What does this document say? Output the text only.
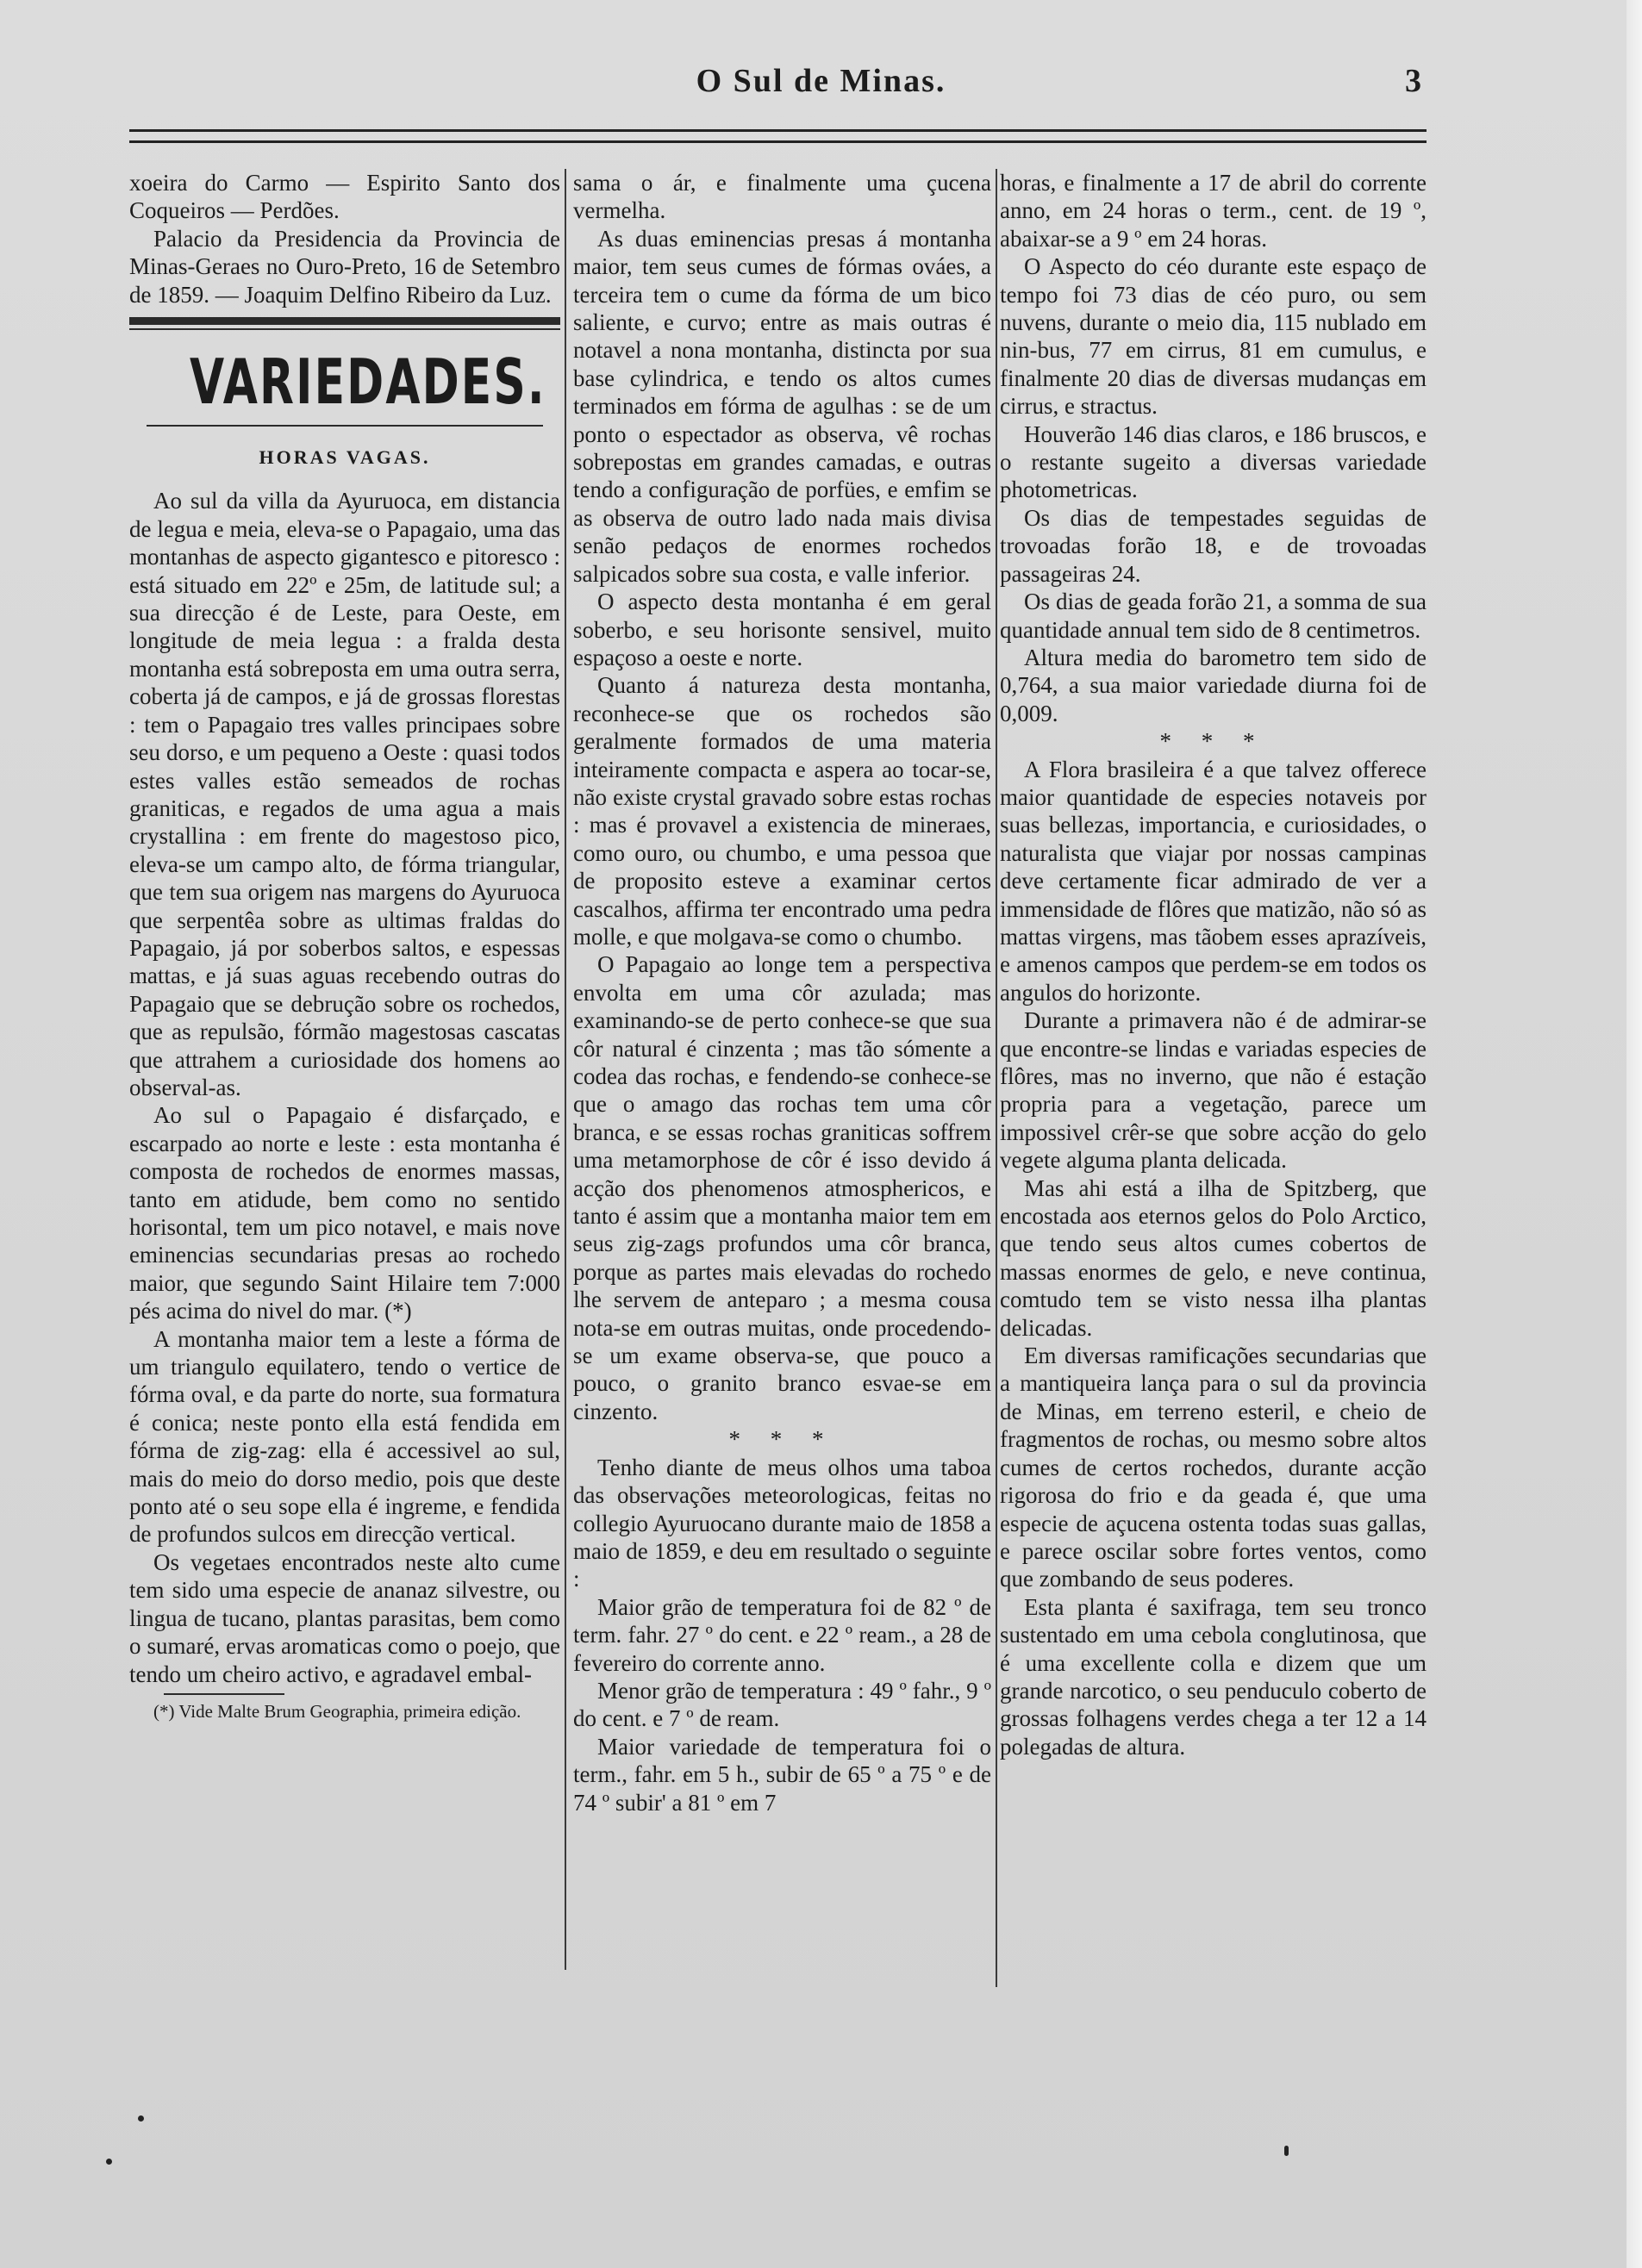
O Sul de Minas.	3

xoeira do Carmo — Espirito Santo dos Coqueiros — Perdões.

Palacio da Presidencia da Provincia de Minas-Geraes no Ouro-Preto, 16 de Setembro de 1859. — Joaquim Delfino Ribeiro da Luz.

VARIEDADES.
HORAS VAGAS.

Ao sul da villa da Ayuruoca, em distancia de legua e meia, eleva-se o Papagaio, uma das montanhas de aspecto gigantesco e pitoresco : está situado em 22º e 25m, de latitude sul; a sua direcção é de Leste, para Oeste, em longitude de meia legua : a fralda desta montanha está sobreposta em uma outra serra, coberta já de campos, e já de grossas florestas : tem o Papagaio tres valles principaes sobre seu dorso, e um pequeno a Oeste : quasi todos estes valles estão semeados de rochas graniticas, e regados de uma agua a mais crystallina : em frente do magestoso pico, eleva-se um campo alto, de fórma triangular, que tem sua origem nas margens do Ayuruoca que serpentêa sobre as ultimas fraldas do Papagaio, já por soberbos saltos, e espessas mattas, e já suas aguas recebendo outras do Papagaio que se debrução sobre os rochedos, que as repulsão, fórmão magestosas cascatas que attrahem a curiosidade dos homens ao observal-as.

Ao sul o Papagaio é disfarçado, e escarpado ao norte e leste : esta montanha é composta de rochedos de enormes massas, tanto em atidude, bem como no sentido horisontal, tem um pico notavel, e mais nove eminencias secundarias presas ao rochedo maior, que segundo Saint Hilaire tem 7:000 pés acima do nivel do mar. (*)

A montanha maior tem a leste a fórma de um triangulo equilatero, tendo o vertice de fórma oval, e da parte do norte, sua formatura é conica; neste ponto ella está fendida em fórma de zig-zag: ella é accessivel ao sul, mais do meio do dorso medio, pois que deste ponto até o seu sope ella é ingreme, e fendida de profundos sulcos em direcção vertical.

Os vegetaes encontrados neste alto cume tem sido uma especie de ananaz silvestre, ou lingua de tucano, plantas parasitas, bem como o sumaré, ervas aromaticas como o poejo, que tendo um cheiro activo, e agradavel embal-

(*) Vide Malte Brum Geographia, primeira edição.

sama o ár, e finalmente uma çucena vermelha.

As duas eminencias presas á montanha maior, tem seus cumes de fórmas ováes, a terceira tem o cume da fórma de um bico saliente, e curvo; entre as mais outras é notavel a nona montanha, distincta por sua base cylindrica, e tendo os altos cumes terminados em fórma de agulhas : se de um ponto o espectador as observa, vê rochas sobrepostas em grandes camadas, e outras tendo a configuração de porfües, e emfim se as observa de outro lado nada mais divisa senão pedaços de enormes rochedos salpicados sobre sua costa, e valle inferior.

O aspecto desta montanha é em geral soberbo, e seu horisonte sensivel, muito espaçoso a oeste e norte.

Quanto á natureza desta montanha, reconhece-se que os rochedos são geralmente formados de uma materia inteiramente compacta e aspera ao tocar-se, não existe crystal gravado sobre estas rochas : mas é provavel a existencia de mineraes, como ouro, ou chumbo, e uma pessoa que de proposito esteve a examinar certos cascalhos, affirma ter encontrado uma pedra molle, e que molgava-se como o chumbo.

O Papagaio ao longe tem a perspectiva envolta em uma côr azulada; mas examinando-se de perto conhece-se que sua côr natural é cinzenta ; mas tão sómente a codea das rochas, e fendendo-se conhece-se que o amago das rochas tem uma côr branca, e se essas rochas graniticas soffrem uma metamorphose de côr é isso devido á acção dos phenomenos atmosphericos, e tanto é assim que a montanha maior tem em seus zig-zags profundos uma côr branca, porque as partes mais elevadas do rochedo lhe servem de anteparo ; a mesma cousa nota-se em outras muitas, onde procedendo-se um exame observa-se, que pouco a pouco, o granito branco esvae-se em cinzento.

* * *

Tenho diante de meus olhos uma taboa das observações meteorologicas, feitas no collegio Ayuruocano durante maio de 1858 a maio de 1859, e deu em resultado o seguinte :

Maior grão de temperatura foi de 82 º de term. fahr. 27 º do cent. e 22 º ream., a 28 de fevereiro do corrente anno.

Menor grão de temperatura : 49 º fahr., 9 º do cent. e 7 º de ream.

Maior variedade de temperatura foi o term., fahr. em 5 h., subir de 65 º a 75 º e de 74 º subir' a 81 º em 7

horas, e finalmente a 17 de abril do corrente anno, em 24 horas o term., cent. de 19 º, abaixar-se a 9 º em 24 horas.

O Aspecto do céo durante este espaço de tempo foi 73 dias de céo puro, ou sem nuvens, durante o meio dia, 115 nublado em nin-bus, 77 em cirrus, 81 em cumulus, e finalmente 20 dias de diversas mudanças em cirrus, e stractus.

Houverão 146 dias claros, e 186 bruscos, e o restante sugeito a diversas variedade photometricas.

Os dias de tempestades seguidas de trovoadas forão 18, e de trovoadas passageiras 24.

Os dias de geada forão 21, a somma de sua quantidade annual tem sido de 8 centimetros.

Altura media do barometro tem sido de 0,764, a sua maior variedade diurna foi de 0,009.

* * *

A Flora brasileira é a que talvez offerece maior quantidade de especies notaveis por suas bellezas, importancia, e curiosidades, o naturalista que viajar por nossas campinas deve certamente ficar admirado de ver a immensidade de flôres que matizão, não só as mattas virgens, mas tãobem esses aprazíveis, e amenos campos que perdem-se em todos os angulos do horizonte.

Durante a primavera não é de admirar-se que encontre-se lindas e variadas especies de flôres, mas no inverno, que não é estação propria para a vegetação, parece um impossivel crêr-se que sobre acção do gelo vegete alguma planta delicada.

Mas ahi está a ilha de Spitzberg, que encostada aos eternos gelos do Polo Arctico, que tendo seus altos cumes cobertos de massas enormes de gelo, e neve continua, comtudo tem se visto nessa ilha plantas delicadas.

Em diversas ramificações secundarias que a mantiqueira lança para o sul da provincia de Minas, em terreno esteril, e cheio de fragmentos de rochas, ou mesmo sobre altos cumes de certos rochedos, durante acção rigorosa do frio e da geada é, que uma especie de açucena ostenta todas suas gallas, e parece oscilar sobre fortes ventos, como que zombando de seus poderes.

Esta planta é saxifraga, tem seu tronco sustentado em uma cebola conglutinosa, que é uma excellente colla e dizem que um grande narcotico, o seu penduculo coberto de grossas folhagens verdes chega a ter 12 a 14 polegadas de altura.
